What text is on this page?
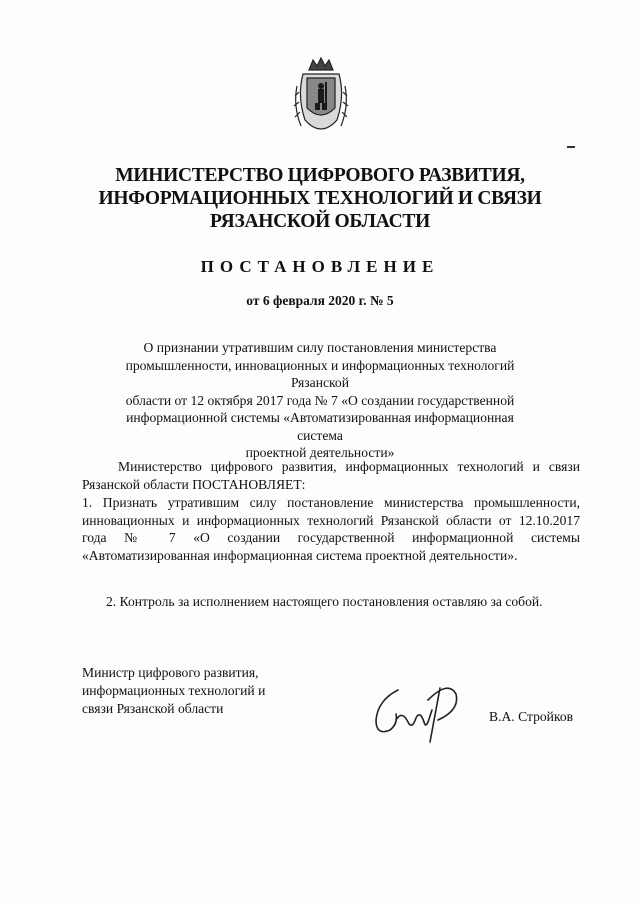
МИНИСТЕРСТВО ЦИФРОВОГО РАЗВИТИЯ,
ИНФОРМАЦИОННЫХ ТЕХНОЛОГИЙ И СВЯЗИ
РЯЗАНСКОЙ ОБЛАСТИ
ПОСТАНОВЛЕНИЕ
от 6 февраля 2020 г. № 5
О признании утратившим силу постановления министерства
промышленности, инновационных и информационных технологий Рязанской
области от 12 октября 2017 года № 7 «О создании государственной
информационной системы «Автоматизированная информационная система
проектной деятельности»
Министерство цифрового развития, информационных технологий и связи Рязанской области ПОСТАНОВЛЯЕТ:
1. Признать утратившим силу постановление министерства промышленности, инновационных и информационных технологий Рязанской области от 12.10.2017 года № 7 «О создании государственной информационной системы «Автоматизированная информационная система проектной деятельности».
2. Контроль за исполнением настоящего постановления оставляю за собой.
Министр цифрового развития,
информационных технологий и
связи Рязанской области
В.А. Стройков
